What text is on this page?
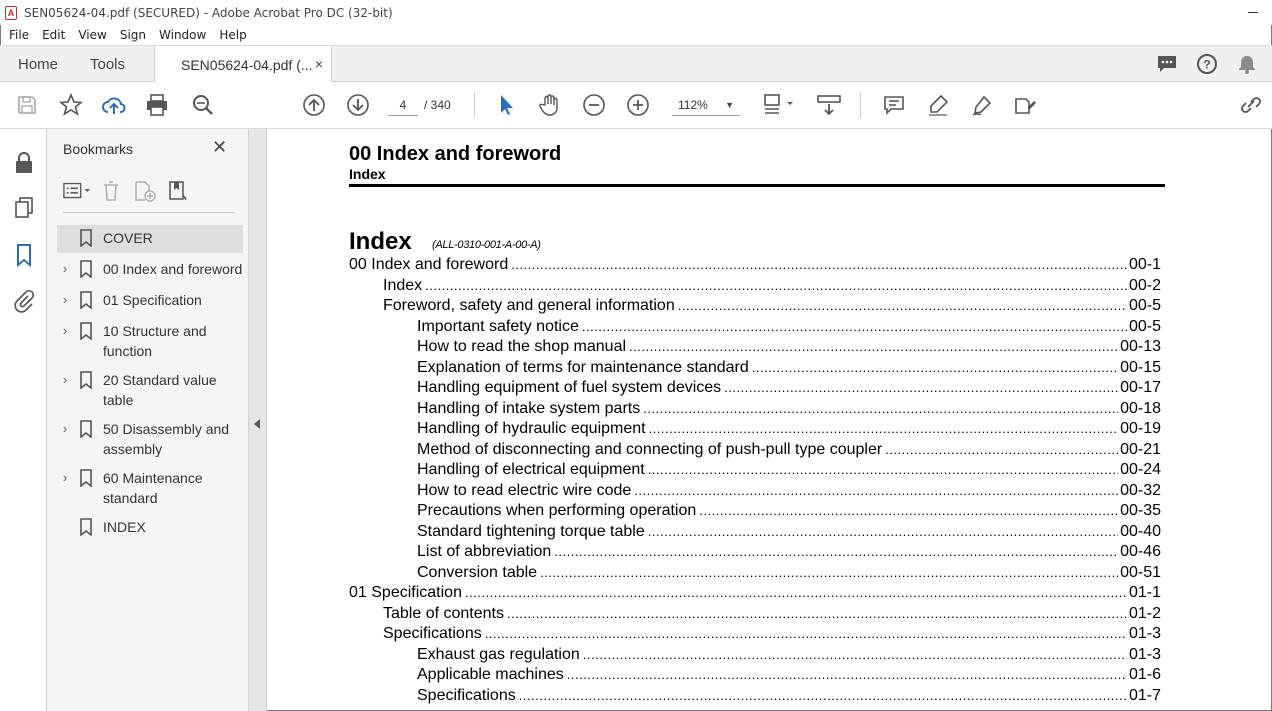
A SEN05624-04.pdf (SECURED) - Adobe Acrobat Pro DC (32-bit)
File Edit View Sign Window Help
Home Tools	SEN05624-04.pdf (... ×	?
4	/ 340	112% ▼
Bookmarks	✕
COVER
›	00 Index and foreword
›	01 Specification
›	10 Structure and function
›	20 Standard value table
›	50 Disassembly and assembly
›	60 Maintenance standard
INDEX
00 Index and foreword
Index
Index (ALL-0310-001-A-00-A)
00 Index and foreword .....	00-1
Index .....	00-2
Foreword, safety and general information .....	00-5
Important safety notice .....	00-5
How to read the shop manual .....	00-13
Explanation of terms for maintenance standard .....	00-15
Handling equipment of fuel system devices .....	00-17
Handling of intake system parts .....	00-18
Handling of hydraulic equipment .....	00-19
Method of disconnecting and connecting of push-pull type coupler .....	00-21
Handling of electrical equipment .....	00-24
How to read electric wire code .....	00-32
Precautions when performing operation .....	00-35
Standard tightening torque table .....	00-40
List of abbreviation .....	00-46
Conversion table .....	00-51
01 Specification .....	01-1
Table of contents .....	01-2
Specifications .....	01-3
Exhaust gas regulation .....	01-3
Applicable machines .....	01-6
Specifications .....	01-7
